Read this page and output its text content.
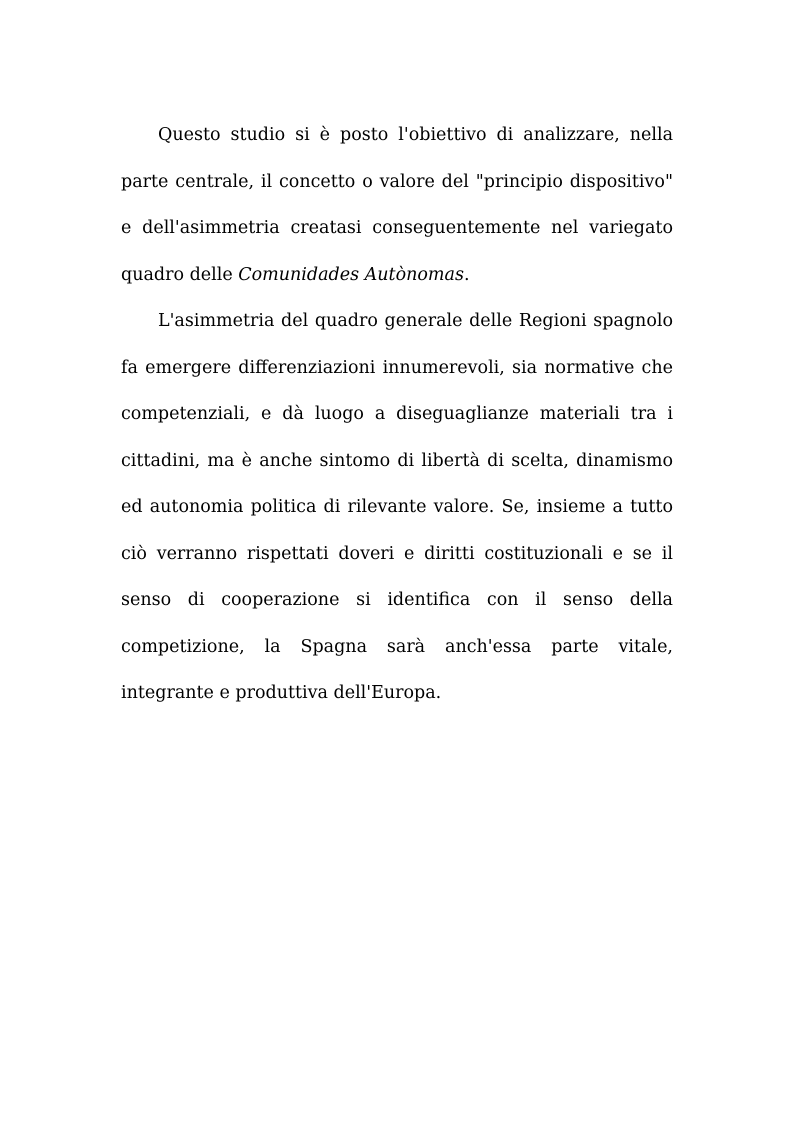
Questo studio si è posto l'obiettivo di analizzare, nella
parte centrale, il concetto o valore del "principio dispositivo"
e dell'asimmetria creatasi conseguentemente nel variegato
quadro delle Comunidades Autònomas.
L'asimmetria del quadro generale delle Regioni spagnolo
fa emergere differenziazioni innumerevoli, sia normative che
competenziali, e dà luogo a diseguaglianze materiali tra i
cittadini, ma è anche sintomo di libertà di scelta, dinamismo
ed autonomia politica di rilevante valore. Se, insieme a tutto
ciò verranno rispettati doveri e diritti costituzionali e se il
senso di cooperazione si identifica con il senso della
competizione, la Spagna sarà anch'essa parte vitale,
integrante e produttiva dell'Europa.
